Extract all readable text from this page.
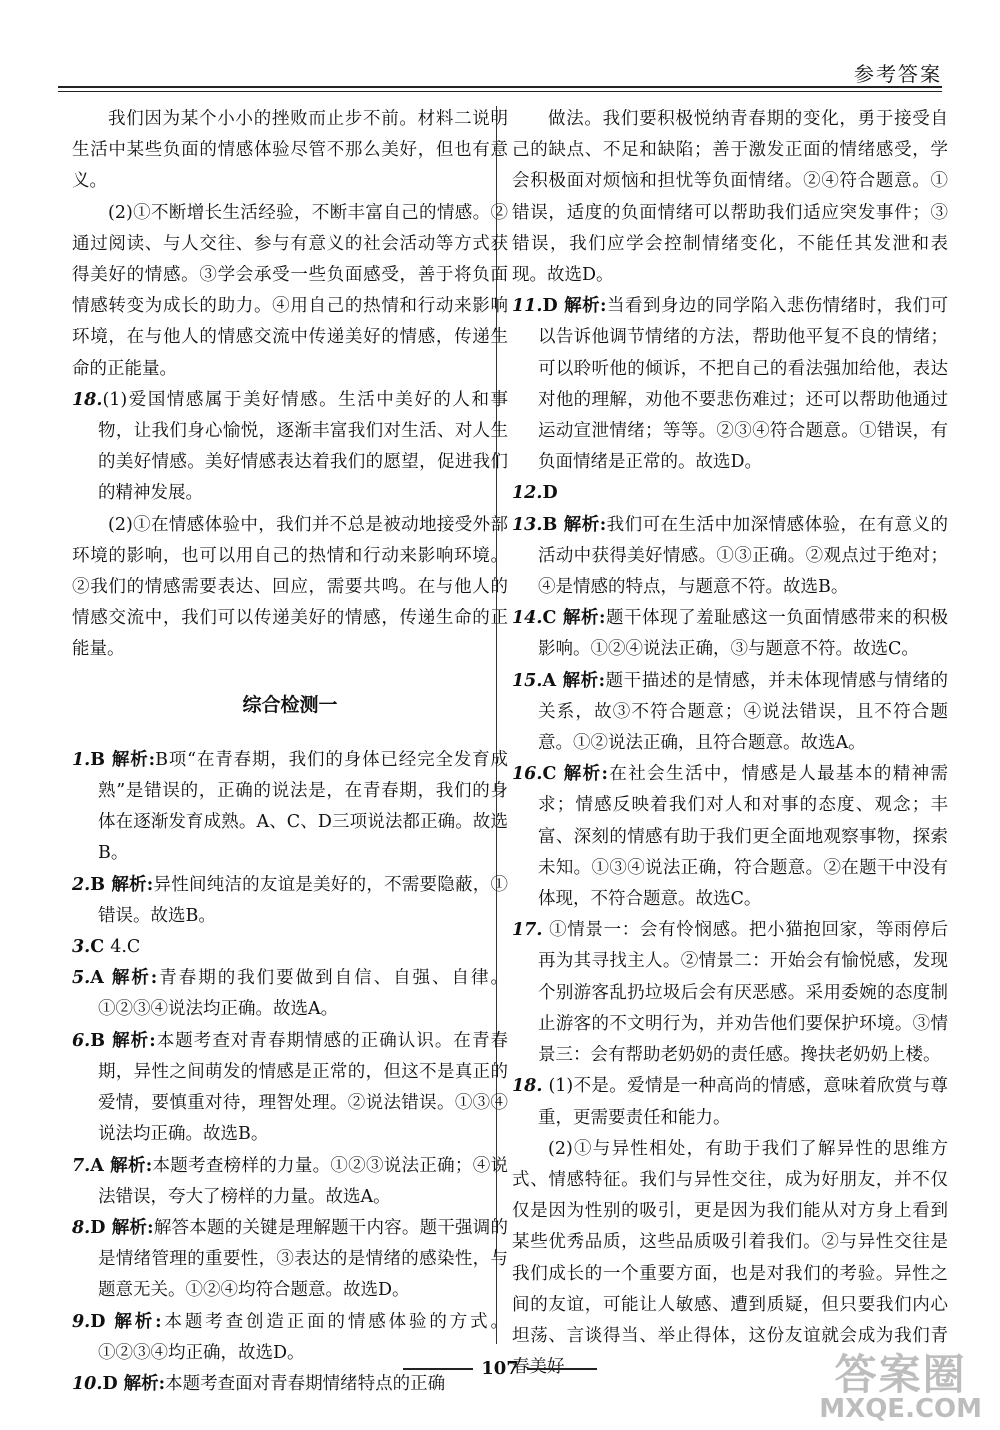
参考答案

我们因为某个小小的挫败而止步不前。材料二说明生活中某些负面的情感体验尽管不那么美好，但也有意义。

(2)①不断增长生活经验，不断丰富自己的情感。②通过阅读、与人交往、参与有意义的社会活动等方式获得美好的情感。③学会承受一些负面感受，善于将负面情感转变为成长的助力。④用自己的热情和行动来影响环境，在与他人的情感交流中传递美好的情感，传递生命的正能量。

18.(1)爱国情感属于美好情感。生活中美好的人和事物，让我们身心愉悦，逐渐丰富我们对生活、对人生的美好情感。美好情感表达着我们的愿望，促进我们的精神发展。

(2)①在情感体验中，我们并不总是被动地接受外部环境的影响，也可以用自己的热情和行动来影响环境。②我们的情感需要表达、回应，需要共鸣。在与他人的情感交流中，我们可以传递美好的情感，传递生命的正能量。

综合检测一

1.B 解析:B项“在青春期，我们的身体已经完全发育成熟”是错误的，正确的说法是，在青春期，我们的身体在逐渐发育成熟。A、C、D三项说法都正确。故选B。

2.B 解析:异性间纯洁的友谊是美好的，不需要隐蔽，①错误。故选B。

3.C 4.C

5.A 解析:青春期的我们要做到自信、自强、自律。①②③④说法均正确。故选A。

6.B 解析:本题考查对青春期情感的正确认识。在青春期，异性之间萌发的情感是正常的，但这不是真正的爱情，要慎重对待，理智处理。②说法错误。①③④说法均正确。故选B。

7.A 解析:本题考查榜样的力量。①②③说法正确；④说法错误，夸大了榜样的力量。故选A。

8.D 解析:解答本题的关键是理解题干内容。题干强调的是情绪管理的重要性，③表达的是情绪的感染性，与题意无关。①②④均符合题意。故选D。

9.D 解析:本题考查创造正面的情感体验的方式。①②③④均正确，故选D。

10.D 解析:本题考查面对青春期情绪特点的正确

做法。我们要积极悦纳青春期的变化，勇于接受自己的缺点、不足和缺陷；善于激发正面的情绪感受，学会积极面对烦恼和担忧等负面情绪。②④符合题意。①错误，适度的负面情绪可以帮助我们适应突发事件；③错误，我们应学会控制情绪变化，不能任其发泄和表现。故选D。

11.D 解析:当看到身边的同学陷入悲伤情绪时，我们可以告诉他调节情绪的方法，帮助他平复不良的情绪；可以聆听他的倾诉，不把自己的看法强加给他，表达对他的理解，劝他不要悲伤难过；还可以帮助他通过运动宣泄情绪；等等。②③④符合题意。①错误，有负面情绪是正常的。故选D。

12.D

13.B 解析:我们可在生活中加深情感体验，在有意义的活动中获得美好情感。①③正确。②观点过于绝对；④是情感的特点，与题意不符。故选B。

14.C 解析:题干体现了羞耻感这一负面情感带来的积极影响。①②④说法正确，③与题意不符。故选C。

15.A 解析:题干描述的是情感，并未体现情感与情绪的关系，故③不符合题意；④说法错误，且不符合题意。①②说法正确，且符合题意。故选A。

16.C 解析:在社会生活中，情感是人最基本的精神需求；情感反映着我们对人和对事的态度、观念；丰富、深刻的情感有助于我们更全面地观察事物，探索未知。①③④说法正确，符合题意。②在题干中没有体现，不符合题意。故选C。

17. ①情景一：会有怜悯感。把小猫抱回家，等雨停后再为其寻找主人。②情景二：开始会有愉悦感，发现个别游客乱扔垃圾后会有厌恶感。采用委婉的态度制止游客的不文明行为，并劝告他们要保护环境。③情景三：会有帮助老奶奶的责任感。搀扶老奶奶上楼。

18. (1)不是。爱情是一种高尚的情感，意味着欣赏与尊重，更需要责任和能力。

(2)①与异性相处，有助于我们了解异性的思维方式、情感特征。我们与异性交往，成为好朋友，并不仅仅是因为性别的吸引，更是因为我们能从对方身上看到某些优秀品质，这些品质吸引着我们。②与异性交往是我们成长的一个重要方面，也是对我们的考验。异性之间的友谊，可能让人敏感、遭到质疑，但只要我们内心坦荡、言谈得当、举止得体，这份友谊就会成为我们青春美好

107	答案圈
MXQE.COM
